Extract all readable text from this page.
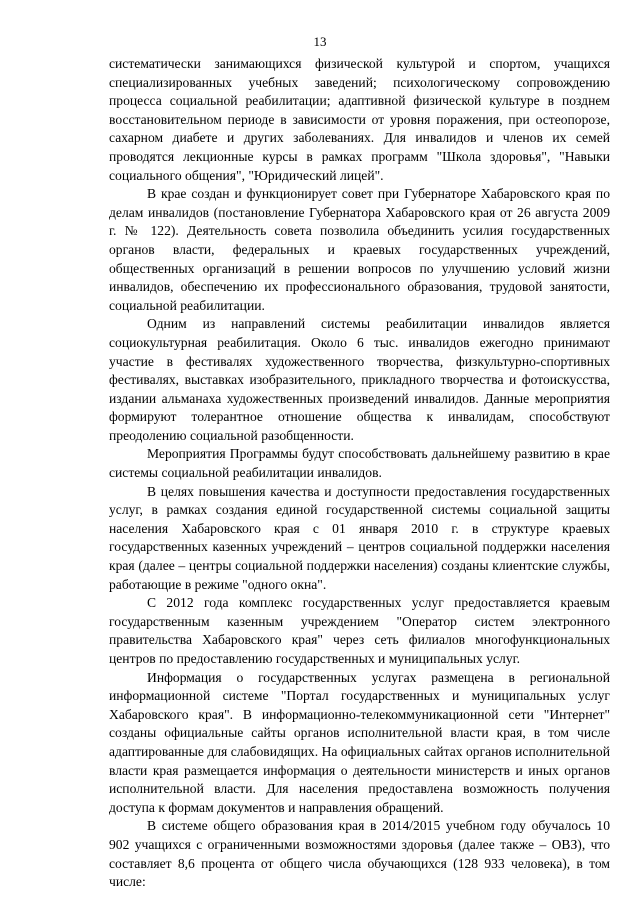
13

систематически занимающихся физической культурой и спортом, учащихся специализированных учебных заведений; психологическому сопровождению процесса социальной реабилитации; адаптивной физической культуре в позднем восстановительном периоде в зависимости от уровня поражения, при остеопорозе, сахарном диабете и других заболеваниях. Для инвалидов и членов их семей проводятся лекционные курсы в рамках программ "Школа здоровья", "Навыки социального общения", "Юридический лицей".

В крае создан и функционирует совет при Губернаторе Хабаровского края по делам инвалидов (постановление Губернатора Хабаровского края от 26 августа 2009 г. № 122). Деятельность совета позволила объединить усилия государственных органов власти, федеральных и краевых государственных учреждений, общественных организаций в решении вопросов по улучшению условий жизни инвалидов, обеспечению их профессионального образования, трудовой занятости, социальной реабилитации.

Одним из направлений системы реабилитации инвалидов является социокультурная реабилитация. Около 6 тыс. инвалидов ежегодно принимают участие в фестивалях художественного творчества, физкультурно-спортивных фестивалях, выставках изобразительного, прикладного творчества и фотоискусства, издании альманаха художественных произведений инвалидов. Данные мероприятия формируют толерантное отношение общества к инвалидам, способствуют преодолению социальной разобщенности.

Мероприятия Программы будут способствовать дальнейшему развитию в крае системы социальной реабилитации инвалидов.

В целях повышения качества и доступности предоставления государственных услуг, в рамках создания единой государственной системы социальной защиты населения Хабаровского края с 01 января 2010 г. в структуре краевых государственных казенных учреждений – центров социальной поддержки населения края (далее – центры социальной поддержки населения) созданы клиентские службы, работающие в режиме "одного окна".

С 2012 года комплекс государственных услуг предоставляется краевым государственным казенным учреждением "Оператор систем электронного правительства Хабаровского края" через сеть филиалов многофункциональных центров по предоставлению государственных и муниципальных услуг.

Информация о государственных услугах размещена в региональной информационной системе "Портал государственных и муниципальных услуг Хабаровского края". В информационно-телекоммуникационной сети "Интернет" созданы официальные сайты органов исполнительной власти края, в том числе адаптированные для слабовидящих. На официальных сайтах органов исполнительной власти края размещается информация о деятельности министерств и иных органов исполнительной власти. Для населения предоставлена возможность получения доступа к формам документов и направления обращений.

В системе общего образования края в 2014/2015 учебном году обучалось 10 902 учащихся с ограниченными возможностями здоровья (далее также – ОВЗ), что составляет 8,6 процента от общего числа обучающихся (128 933 человека), в том числе:
